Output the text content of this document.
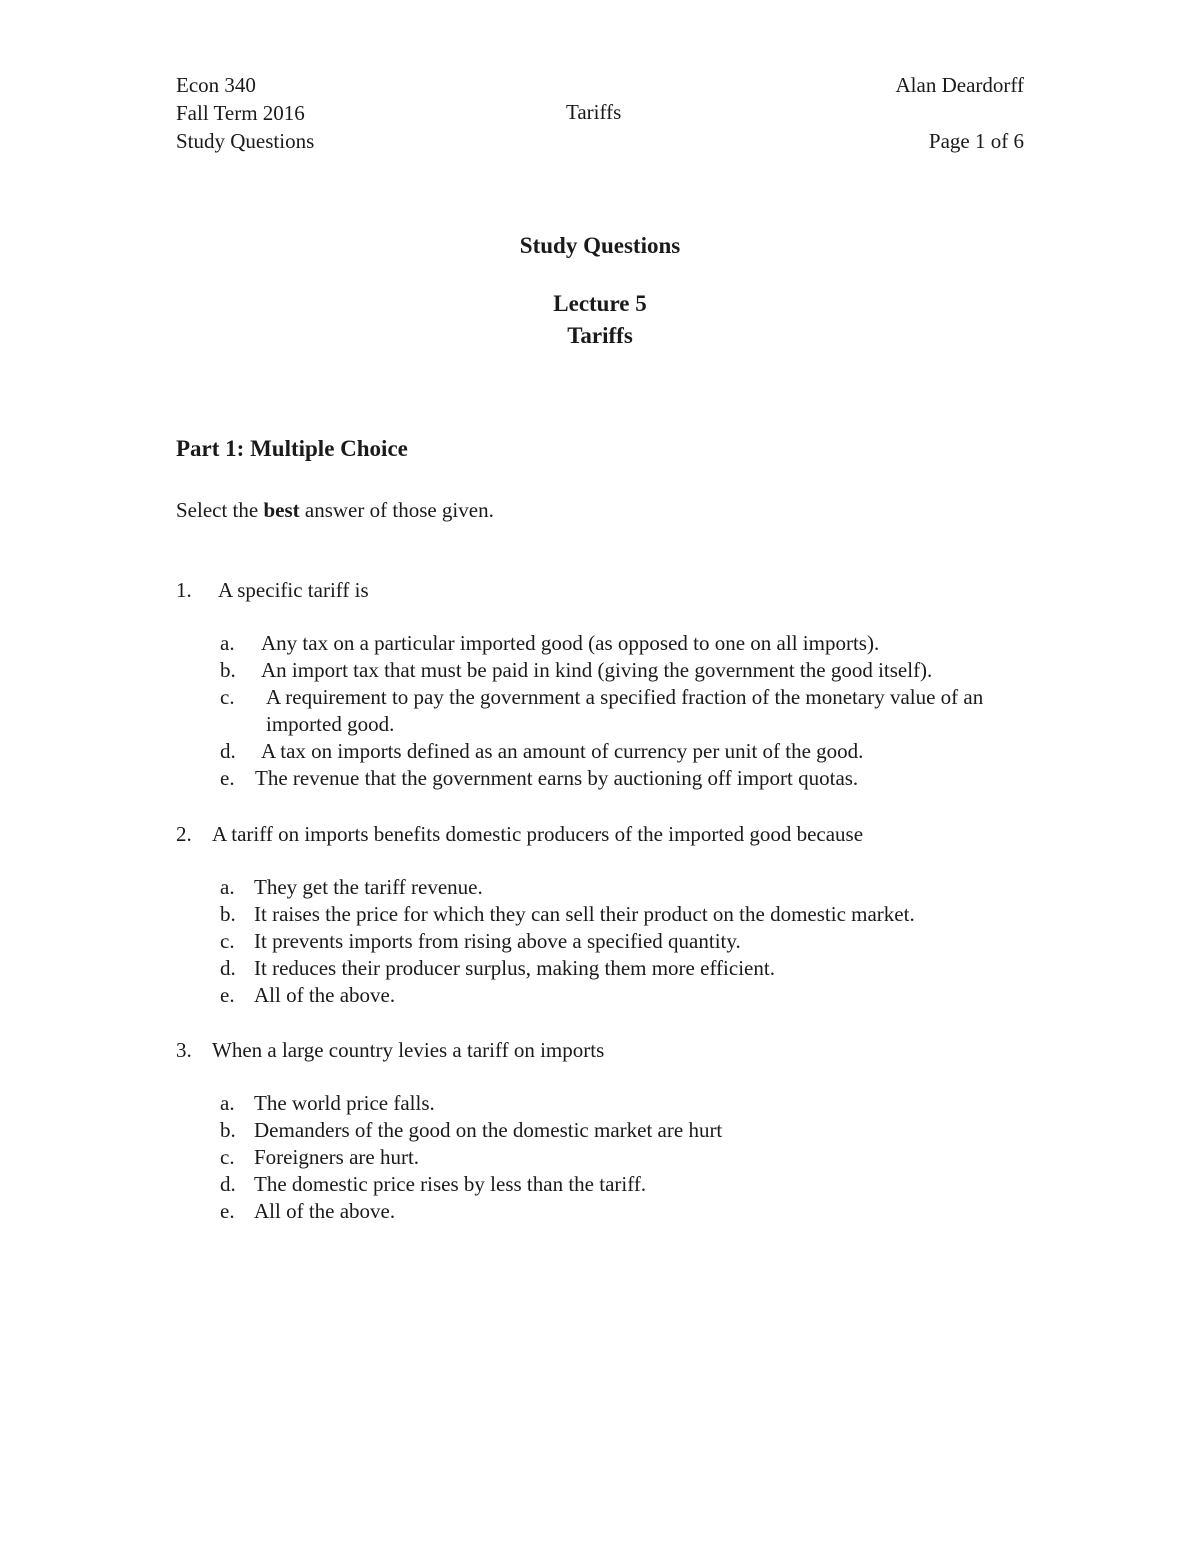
Econ 340
Fall Term 2016
Study Questions
Tariffs
Alan Deardorff
Page 1 of 6
Study Questions
Lecture 5
Tariffs
Part 1: Multiple Choice
Select the best answer of those given.
1.	A specific tariff is
a.	Any tax on a particular imported good (as opposed to one on all imports).
b.	An import tax that must be paid in kind (giving the government the good itself).
c.	A requirement to pay the government a specified fraction of the monetary value of an imported good.
d.	A tax on imports defined as an amount of currency per unit of the good.
e. The revenue that the government earns by auctioning off import quotas.
2. A tariff on imports benefits domestic producers of the imported good because
a. They get the tariff revenue.
b. It raises the price for which they can sell their product on the domestic market.
c. It prevents imports from rising above a specified quantity.
d. It reduces their producer surplus, making them more efficient.
e. All of the above.
3. When a large country levies a tariff on imports
a. The world price falls.
b. Demanders of the good on the domestic market are hurt
c. Foreigners are hurt.
d. The domestic price rises by less than the tariff.
e. All of the above.
